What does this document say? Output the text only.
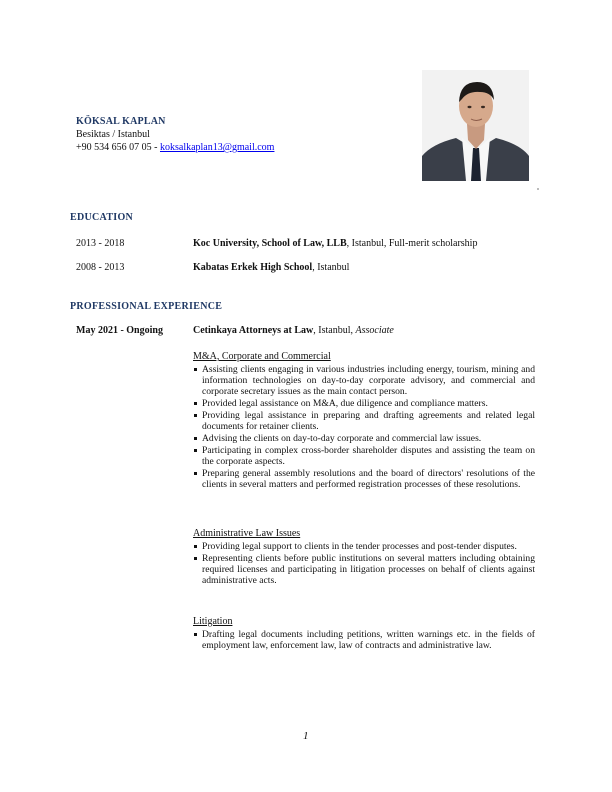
KÖKSAL KAPLAN

Besiktas / Istanbul

+90 534 656 07 05 - koksalkaplan13@gmail.com

EDUCATION
2013 - 2018	Koc University, School of Law, LLB, Istanbul, Full-merit scholarship
2008 - 2013	Kabatas Erkek High School, Istanbul
PROFESSIONAL EXPERIENCE
May 2021 - Ongoing	Cetinkaya Attorneys at Law, Istanbul, Associate

M&A, Corporate and Commercial

Assisting clients engaging in various industries including energy, tourism, mining and information technologies on day-to-day corporate advisory, and commercial and corporate secretary issues as the main contact person.
Provided legal assistance on M&A, due diligence and compliance matters.
Providing legal assistance in preparing and drafting agreements and related legal documents for retainer clients.
Advising the clients on day-to-day corporate and commercial law issues.
Participating in complex cross-border shareholder disputes and assisting the team on the corporate aspects.
Preparing general assembly resolutions and the board of directors' resolutions of the clients in several matters and performed registration processes of these resolutions.

Administrative Law Issues

Providing legal support to clients in the tender processes and post-tender disputes.
Representing clients before public institutions on several matters including obtaining required licenses and participating in litigation processes on behalf of clients against administrative acts.

Litigation

Drafting legal documents including petitions, written warnings etc. in the fields of employment law, enforcement law, law of contracts and administrative law.
1
